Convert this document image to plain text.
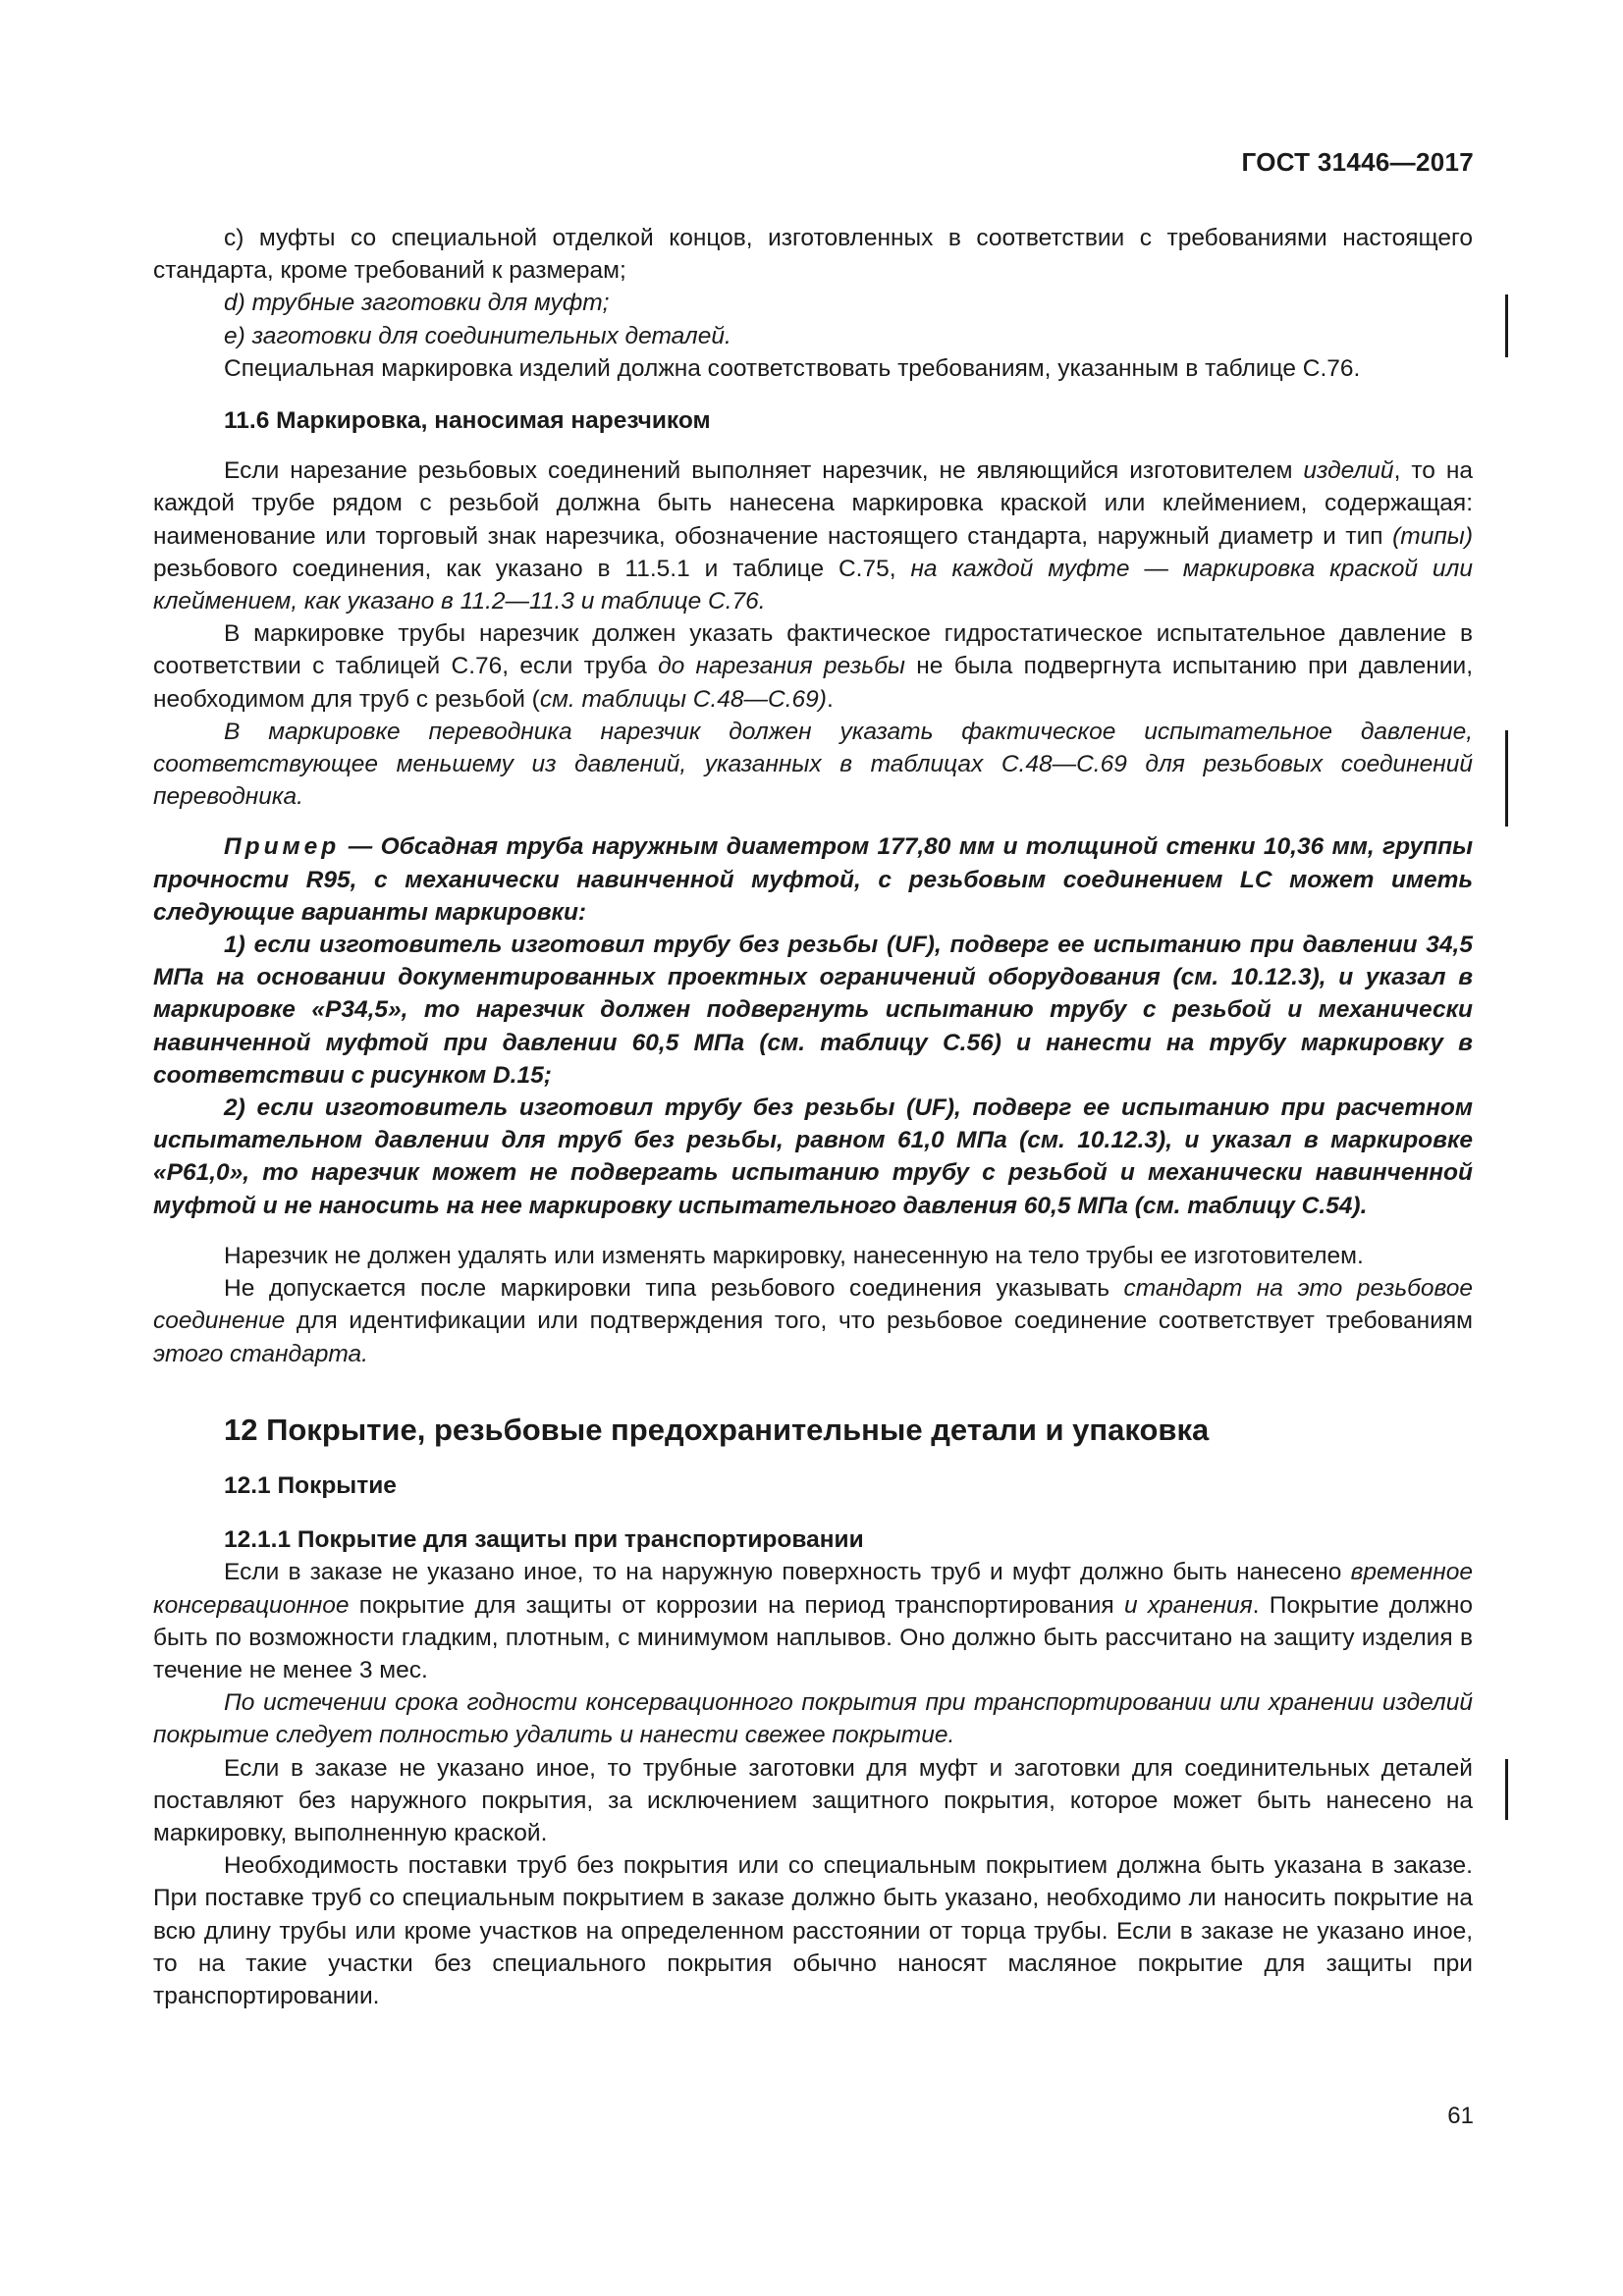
ГОСТ 31446—2017

c) муфты со специальной отделкой концов, изготовленных в соответствии с требованиями настоящего стандарта, кроме требований к размерам;

d) трубные заготовки для муфт;

e) заготовки для соединительных деталей.

Специальная маркировка изделий должна соответствовать требованиям, указанным в таблице С.76.

11.6 Маркировка, наносимая нарезчиком

Если нарезание резьбовых соединений выполняет нарезчик, не являющийся изготовителем изделий, то на каждой трубе рядом с резьбой должна быть нанесена маркировка краской или клеймением, содержащая: наименование или торговый знак нарезчика, обозначение настоящего стандарта, наружный диаметр и тип (типы) резьбового соединения, как указано в 11.5.1 и таблице С.75, на каждой муфте — маркировка краской или клеймением, как указано в 11.2—11.3 и таблице С.76.

В маркировке трубы нарезчик должен указать фактическое гидростатическое испытательное давление в соответствии с таблицей С.76, если труба до нарезания резьбы не была подвергнута испытанию при давлении, необходимом для труб с резьбой (см. таблицы С.48—С.69).

В маркировке переводника нарезчик должен указать фактическое испытательное давление, соответствующее меньшему из давлений, указанных в таблицах С.48—С.69 для резьбовых соединений переводника.

Пример — Обсадная труба наружным диаметром 177,80 мм и толщиной стенки 10,36 мм, группы прочности R95, с механически навинченной муфтой, с резьбовым соединением LC может иметь следующие варианты маркировки:

1) если изготовитель изготовил трубу без резьбы (UF), подверг ее испытанию при давлении 34,5 МПа на основании документированных проектных ограничений оборудования (см. 10.12.3), и указал в маркировке «Р34,5», то нарезчик должен подвергнуть испытанию трубу с резьбой и механически навинченной муфтой при давлении 60,5 МПа (см. таблицу С.56) и нанести на трубу маркировку в соответствии с рисунком D.15;

2) если изготовитель изготовил трубу без резьбы (UF), подверг ее испытанию при расчетном испытательном давлении для труб без резьбы, равном 61,0 МПа (см. 10.12.3), и указал в маркировке «Р61,0», то нарезчик может не подвергать испытанию трубу с резьбой и механически навинченной муфтой и не наносить на нее маркировку испытательного давления 60,5 МПа (см. таблицу С.54).

Нарезчик не должен удалять или изменять маркировку, нанесенную на тело трубы ее изготовителем.

Не допускается после маркировки типа резьбового соединения указывать стандарт на это резьбовое соединение для идентификации или подтверждения того, что резьбовое соединение соответствует требованиям этого стандарта.

12 Покрытие, резьбовые предохранительные детали и упаковка
12.1 Покрытие
12.1.1 Покрытие для защиты при транспортировании

Если в заказе не указано иное, то на наружную поверхность труб и муфт должно быть нанесено временное консервационное покрытие для защиты от коррозии на период транспортирования и хранения. Покрытие должно быть по возможности гладким, плотным, с минимумом наплывов. Оно должно быть рассчитано на защиту изделия в течение не менее 3 мес.

По истечении срока годности консервационного покрытия при транспортировании или хранении изделий покрытие следует полностью удалить и нанести свежее покрытие.

Если в заказе не указано иное, то трубные заготовки для муфт и заготовки для соединительных деталей поставляют без наружного покрытия, за исключением защитного покрытия, которое может быть нанесено на маркировку, выполненную краской.

Необходимость поставки труб без покрытия или со специальным покрытием должна быть указана в заказе. При поставке труб со специальным покрытием в заказе должно быть указано, необходимо ли наносить покрытие на всю длину трубы или кроме участков на определенном расстоянии от торца трубы. Если в заказе не указано иное, то на такие участки без специального покрытия обычно наносят масляное покрытие для защиты при транспортировании.

61
